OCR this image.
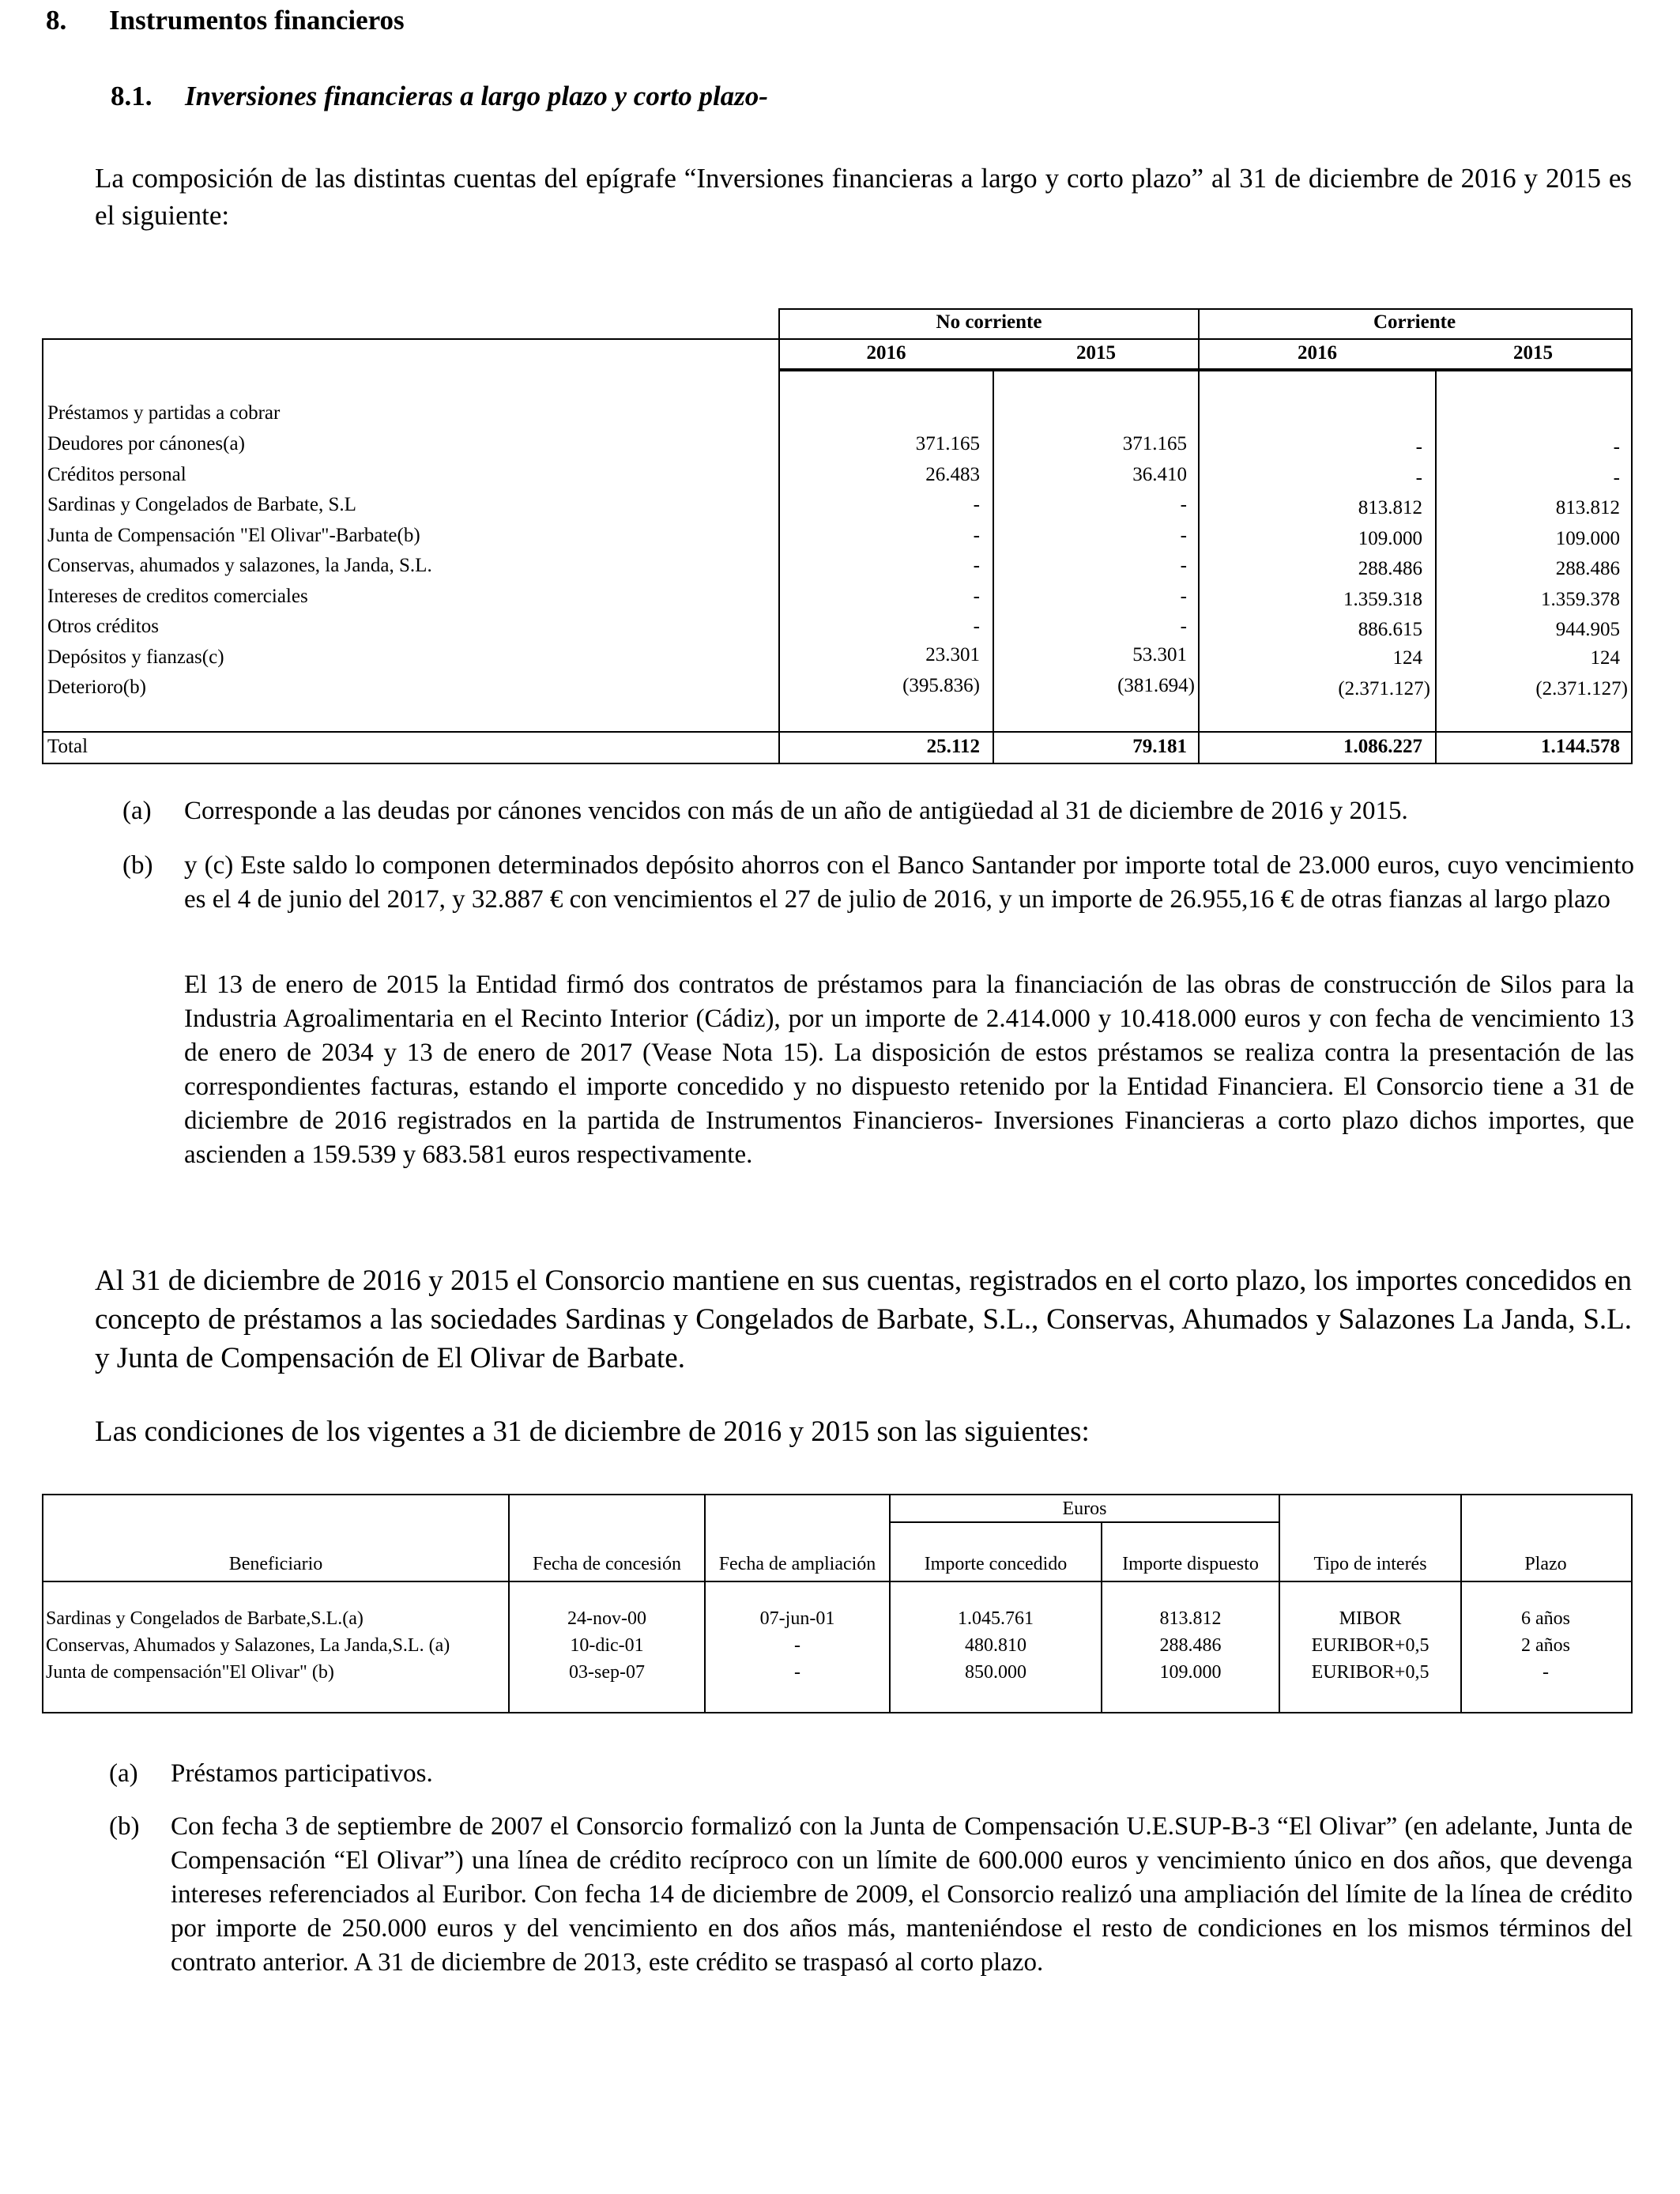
8. Instrumentos financieros
8.1. Inversiones financieras a largo plazo y corto plazo-
La composición de las distintas cuentas del epígrafe “Inversiones financieras a largo y corto plazo” al 31 de diciembre de 2016 y 2015 es el siguiente:
No corriente	Corriente
2016	2015	2016	2015
Préstamos y partidas a cobrar
Deudores por cánones(a)	371.165	371.165	-	-
Créditos personal	26.483	36.410	-	-
Sardinas y Congelados de Barbate, S.L	-	-	813.812	813.812
Junta de Compensación "El Olivar"-Barbate(b)	-	-	109.000	109.000
Conservas, ahumados y salazones, la Janda, S.L.	-	-	288.486	288.486
Intereses de creditos comerciales	-	-	1.359.318	1.359.378
Otros créditos	-	-	886.615	944.905
Depósitos y fianzas(c)	23.301	53.301	124	124
Deterioro(b)	(395.836)	(381.694)	(2.371.127)	(2.371.127)
Total	25.112	79.181	1.086.227	1.144.578
(a) Corresponde a las deudas por cánones vencidos con más de un año de antigüedad al 31 de diciembre de 2016 y 2015.
(b) y (c) Este saldo lo componen determinados depósito ahorros con el Banco Santander por importe total de 23.000 euros, cuyo vencimiento es el 4 de junio del 2017, y 32.887 € con vencimientos el 27 de julio de 2016, y un importe de 26.955,16 € de otras fianzas al largo plazo
El 13 de enero de 2015 la Entidad firmó dos contratos de préstamos para la financiación de las obras de construcción de Silos para la Industria Agroalimentaria en el Recinto Interior (Cádiz), por un importe de 2.414.000 y 10.418.000 euros y con fecha de vencimiento 13 de enero de 2034 y 13 de enero de 2017 (Vease Nota 15). La disposición de estos préstamos se realiza contra la presentación de las correspondientes facturas, estando el importe concedido y no dispuesto retenido por la Entidad Financiera. El Consorcio tiene a 31 de diciembre de 2016 registrados en la partida de Instrumentos Financieros- Inversiones Financieras a corto plazo dichos importes, que ascienden a 159.539 y 683.581 euros respectivamente.
Al 31 de diciembre de 2016 y 2015 el Consorcio mantiene en sus cuentas, registrados en el corto plazo, los importes concedidos en concepto de préstamos a las sociedades Sardinas y Congelados de Barbate, S.L., Conservas, Ahumados y Salazones La Janda, S.L. y Junta de Compensación de El Olivar de Barbate.
Las condiciones de los vigentes a 31 de diciembre de 2016 y 2015 son las siguientes:
Euros
Beneficiario	Fecha de concesión	Fecha de ampliación	Importe concedido	Importe dispuesto	Tipo de interés	Plazo
Sardinas y Congelados de Barbate,S.L.(a)	24-nov-00	07-jun-01	1.045.761	813.812	MIBOR	6 años
Conservas, Ahumados y Salazones, La Janda,S.L. (a)	10-dic-01	-	480.810	288.486	EURIBOR+0,5	2 años
Junta de compensación"El Olivar" (b)	03-sep-07	-	850.000	109.000	EURIBOR+0,5	-
(a) Préstamos participativos.
(b) Con fecha 3 de septiembre de 2007 el Consorcio formalizó con la Junta de Compensación U.E.SUP-B-3 “El Olivar” (en adelante, Junta de Compensación “El Olivar”) una línea de crédito recíproco con un límite de 600.000 euros y vencimiento único en dos años, que devenga intereses referenciados al Euribor. Con fecha 14 de diciembre de 2009, el Consorcio realizó una ampliación del límite de la línea de crédito por importe de 250.000 euros y del vencimiento en dos años más, manteniéndose el resto de condiciones en los mismos términos del contrato anterior. A 31 de diciembre de 2013, este crédito se traspasó al corto plazo.
